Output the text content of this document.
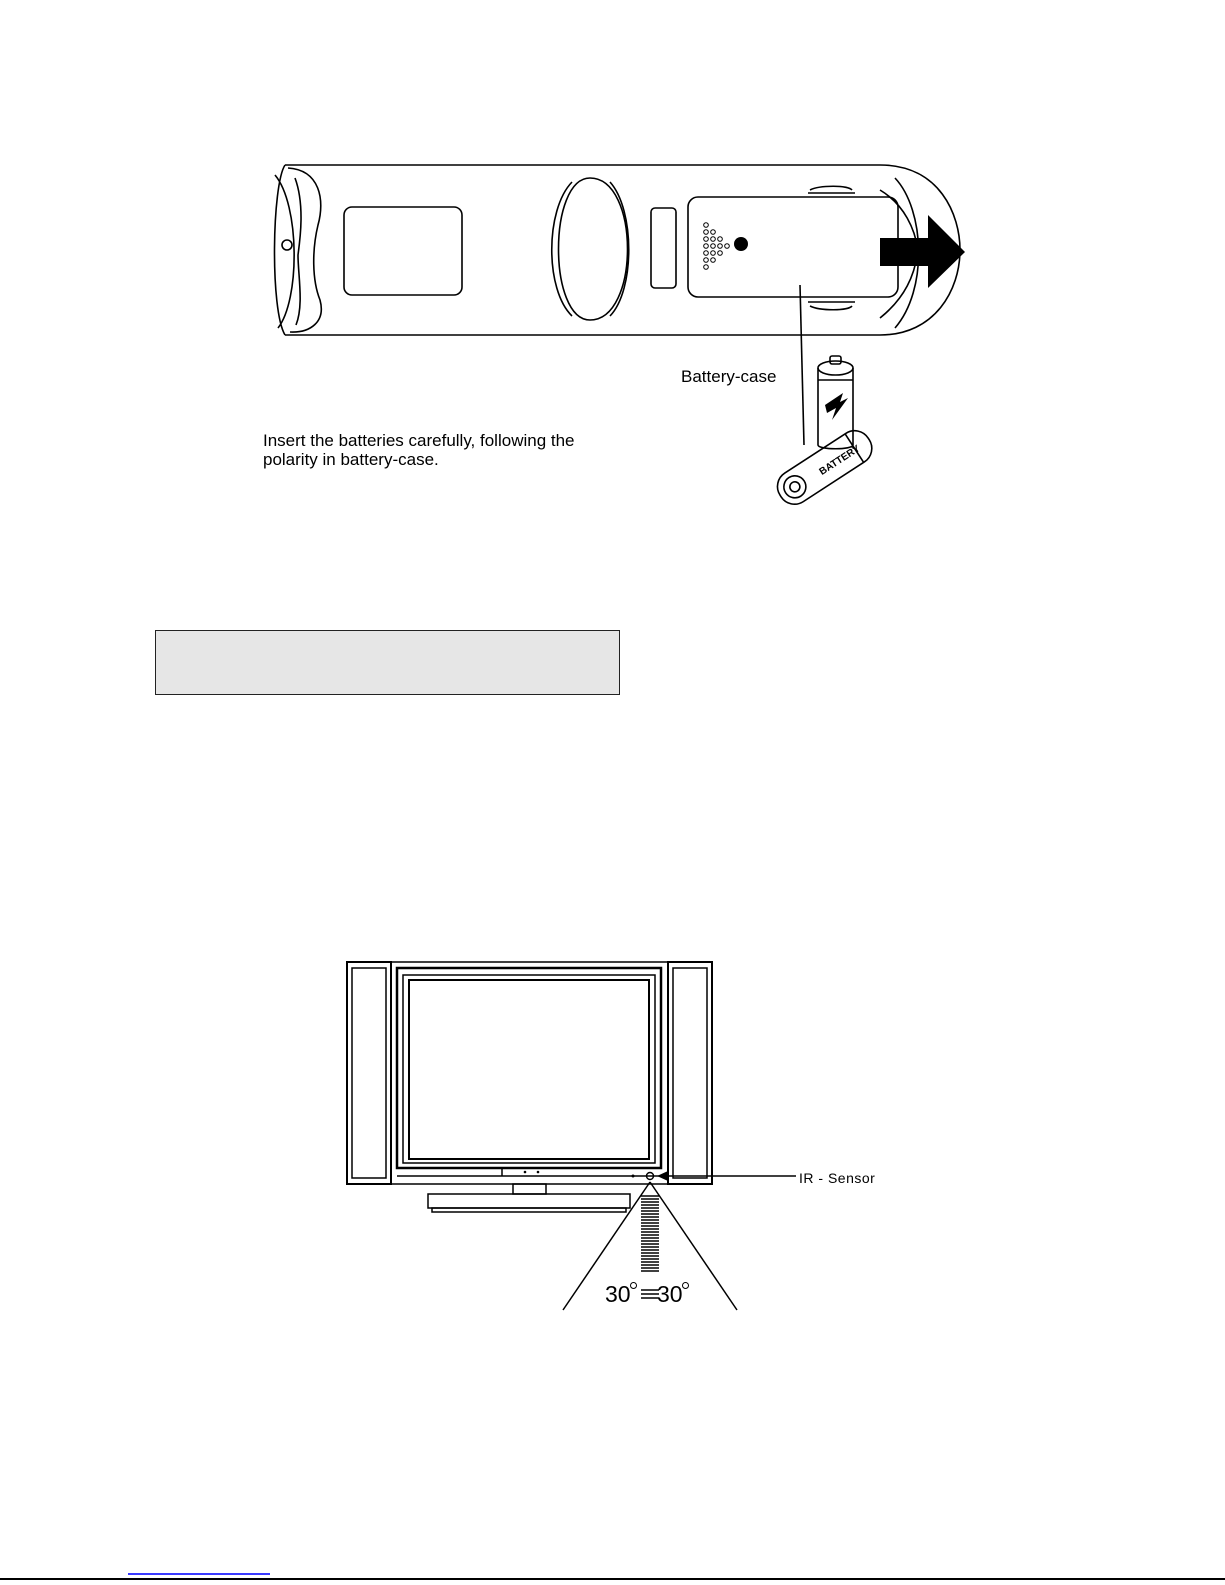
BATTERY
Battery-case
Insert the batteries carefully, following the polarity in battery-case.
IR - Sensor
30 30
